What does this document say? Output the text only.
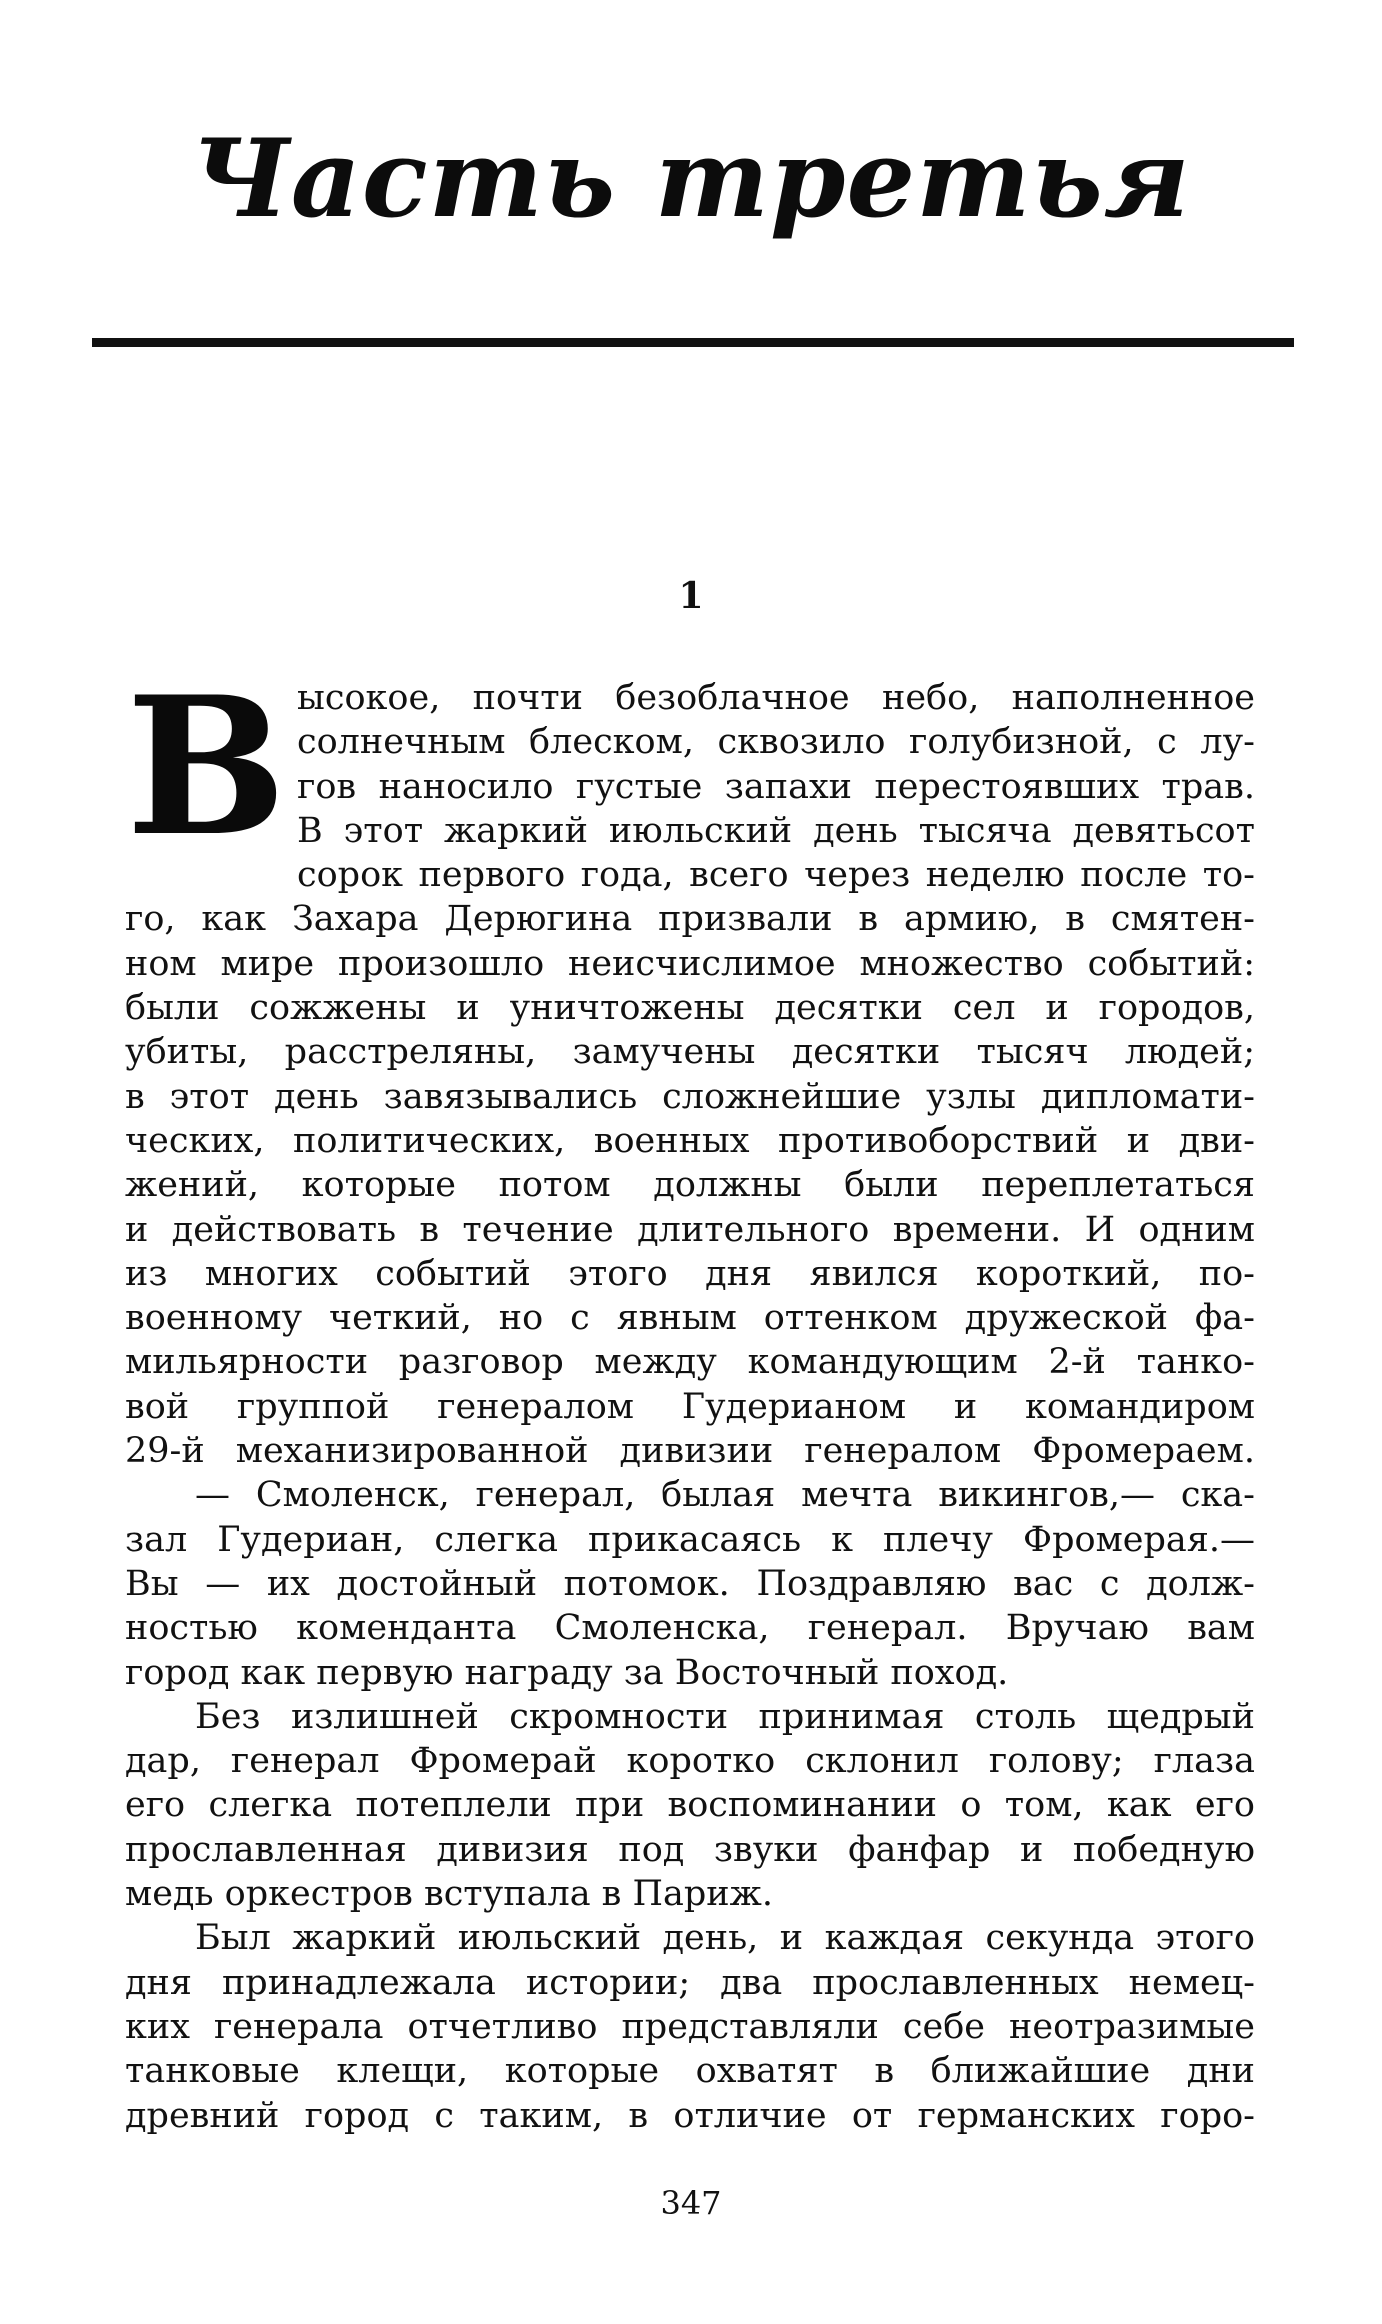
Часть третья
1
В ысокое, почти безоблачное небо, наполненное
солнечным блеском, сквозило голубизной, с лу-
гов наносило густые запахи перестоявших трав.
В этот жаркий июльский день тысяча девятьсот
сорок первого года, всего через неделю после то-
го, как Захара Дерюгина призвали в армию, в смятен-
ном мире произошло неисчислимое множество событий:
были сожжены и уничтожены десятки сел и городов,
убиты, расстреляны, замучены десятки тысяч людей;
в этот день завязывались сложнейшие узлы дипломати-
ческих, политических, военных противоборствий и дви-
жений, которые потом должны были переплетаться
и действовать в течение длительного времени. И одним
из многих событий этого дня явился короткий, по-
военному четкий, но с явным оттенком дружеской фа-
мильярности разговор между командующим 2-й танко-
вой группой генералом Гудерианом и командиром
29-й механизированной дивизии генералом Фромераем.
— Смоленск, генерал, былая мечта викингов,— ска-
зал Гудериан, слегка прикасаясь к плечу Фромерая.—
Вы — их достойный потомок. Поздравляю вас с долж-
ностью коменданта Смоленска, генерал. Вручаю вам
город как первую награду за Восточный поход.
Без излишней скромности принимая столь щедрый
дар, генерал Фромерай коротко склонил голову; глаза
его слегка потеплели при воспоминании о том, как его
прославленная дивизия под звуки фанфар и победную
медь оркестров вступала в Париж.
Был жаркий июльский день, и каждая секунда этого
дня принадлежала истории; два прославленных немец-
ких генерала отчетливо представляли себе неотразимые
танковые клещи, которые охватят в ближайшие дни
древний город с таким, в отличие от германских горо-
347
